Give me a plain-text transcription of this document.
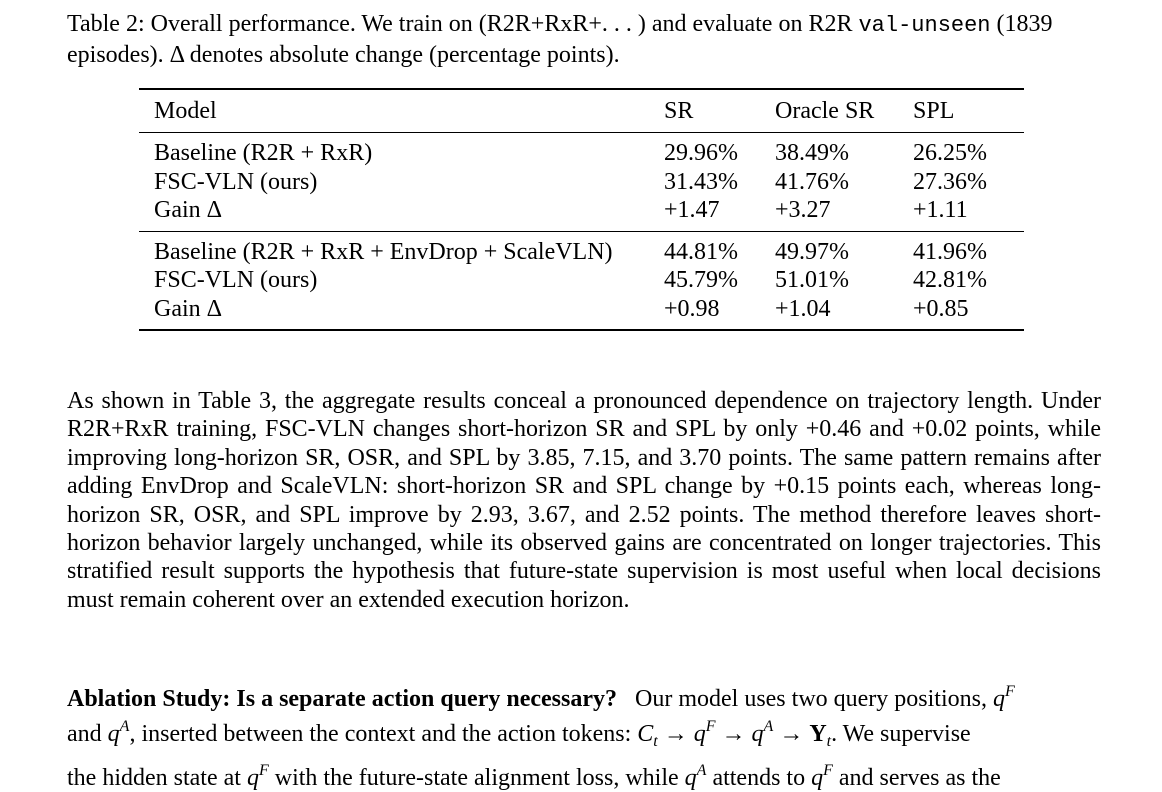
Table 2: Overall performance. We train on (R2R+RxR+. . . ) and evaluate on R2R val-unseen (1839 episodes). Δ denotes absolute change (percentage points).
Model	SR	Oracle SR	SPL
Baseline (R2R + RxR)	29.96%	38.49%	26.25%
FSC-VLN (ours)	31.43%	41.76%	27.36%
Gain Δ	+1.47	+3.27	+1.11
Baseline (R2R + RxR + EnvDrop + ScaleVLN)	44.81%	49.97%	41.96%
FSC-VLN (ours)	45.79%	51.01%	42.81%
Gain Δ	+0.98	+1.04	+0.85
As shown in Table 3, the aggregate results conceal a pronounced dependence on trajectory length. Under R2R+RxR training, FSC-VLN changes short-horizon SR and SPL by only +0.46 and +0.02 points, while improving long-horizon SR, OSR, and SPL by 3.85, 7.15, and 3.70 points. The same pattern remains after adding EnvDrop and ScaleVLN: short-horizon SR and SPL change by +0.15 points each, whereas long-horizon SR, OSR, and SPL improve by 2.93, 3.67, and 2.52 points. The method therefore leaves short-horizon behavior largely unchanged, while its observed gains are concentrated on longer trajectories. This stratified result supports the hypothesis that future-state supervision is most useful when local decisions must remain coherent over an extended execution horizon.
Ablation Study: Is a separate action query necessary? Our model uses two query positions, $q^F$
and $q^A$, inserted between the context and the action tokens: $C_t \to q^F \to q^A \to Y_t$. We supervise
the hidden state at $q^F$ with the future-state alignment loss, while $q^A$ attends to $q^F$ and serves as the
